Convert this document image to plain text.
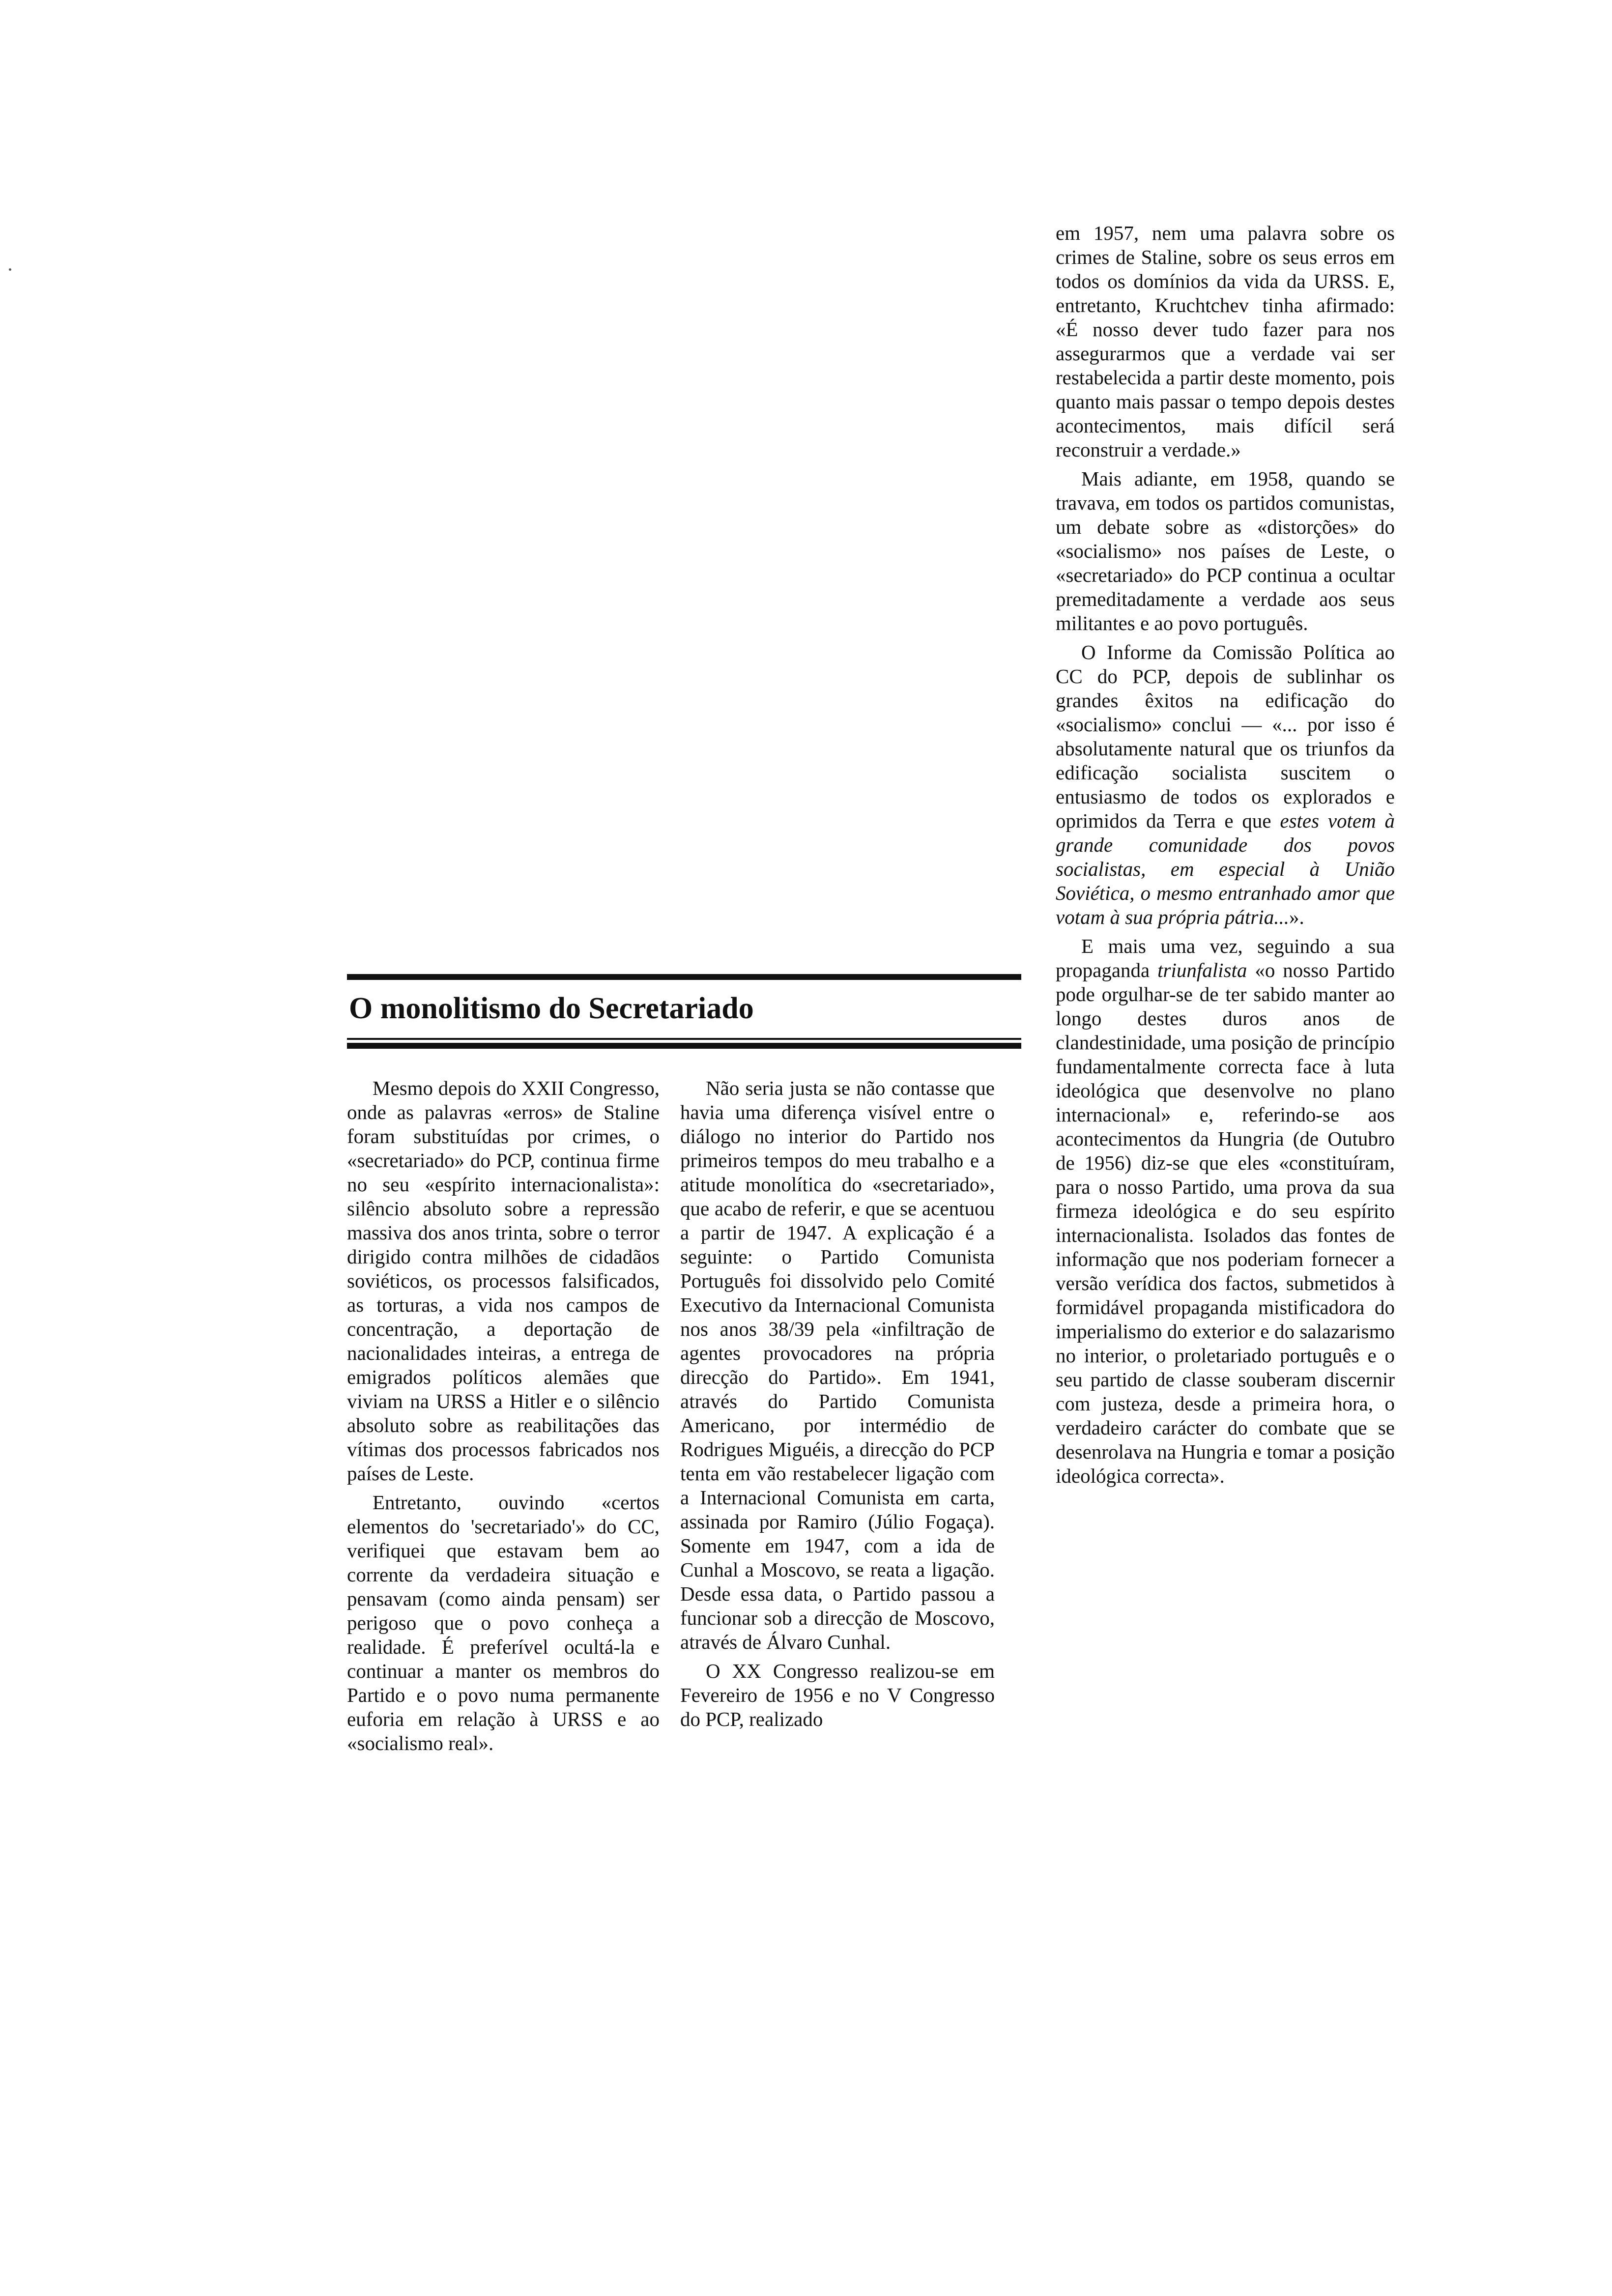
em 1957, nem uma palavra sobre os crimes de Staline, sobre os seus erros em todos os domínios da vida da URSS. E, entretanto, Kruchtchev tinha afirmado: «É nosso dever tudo fazer para nos assegurarmos que a verdade vai ser restabelecida a partir deste momento, pois quanto mais passar o tempo depois destes acontecimentos, mais difícil será reconstruir a verdade.»

Mais adiante, em 1958, quando se travava, em todos os partidos comunistas, um debate sobre as «distorções» do «socialismo» nos países de Leste, o «secretariado» do PCP continua a ocultar premeditadamente a verdade aos seus militantes e ao povo português.

O Informe da Comissão Política ao CC do PCP, depois de sublinhar os grandes êxitos na edificação do «socialismo» conclui — «... por isso é absolutamente natural que os triunfos da edificação socialista suscitem o entusiasmo de todos os explorados e oprimidos da Terra e que estes votem à grande comunidade dos povos socialistas, em especial à União Soviética, o mesmo entranhado amor que votam à sua própria pátria...».

E mais uma vez, seguindo a sua propaganda triunfalista «o nosso Partido pode orgulhar-se de ter sabido manter ao longo destes duros anos de clandestinidade, uma posição de princípio fundamentalmente correcta face à luta ideológica que desenvolve no plano internacional» e, referindo-se aos acontecimentos da Hungria (de Outubro de 1956) diz-se que eles «constituíram, para o nosso Partido, uma prova da sua firmeza ideológica e do seu espírito internacionalista. Isolados das fontes de informação que nos poderiam fornecer a versão verídica dos factos, submetidos à formidável propaganda mistificadora do imperialismo do exterior e do salazarismo no interior, o proletariado português e o seu partido de classe souberam discernir com justeza, desde a primeira hora, o verdadeiro carácter do combate que se desenrolava na Hungria e tomar a posição ideológica correcta».

O monolitismo do Secretariado

Mesmo depois do XXII Congresso, onde as palavras «erros» de Staline foram substituídas por crimes, o «secretariado» do PCP, continua firme no seu «espírito internacionalista»: silêncio absoluto sobre a repressão massiva dos anos trinta, sobre o terror dirigido contra milhões de cidadãos soviéticos, os processos falsificados, as torturas, a vida nos campos de concentração, a deportação de nacionalidades inteiras, a entrega de emigrados políticos alemães que viviam na URSS a Hitler e o silêncio absoluto sobre as reabilitações das vítimas dos processos fabricados nos países de Leste.

Entretanto, ouvindo «certos elementos do 'secretariado'» do CC, verifiquei que estavam bem ao corrente da verdadeira situação e pensavam (como ainda pensam) ser perigoso que o povo conheça a realidade. É preferível ocultá-la e continuar a manter os membros do Partido e o povo numa permanente euforia em relação à URSS e ao «socialismo real».

Não seria justa se não contasse que havia uma diferença visível entre o diálogo no interior do Partido nos primeiros tempos do meu trabalho e a atitude monolítica do «secretariado», que acabo de referir, e que se acentuou a partir de 1947. A explicação é a seguinte: o Partido Comunista Português foi dissolvido pelo Comité Executivo da Internacional Comunista nos anos 38/39 pela «infiltração de agentes provocadores na própria direcção do Partido». Em 1941, através do Partido Comunista Americano, por intermédio de Rodrigues Miguéis, a direcção do PCP tenta em vão restabelecer ligação com a Internacional Comunista em carta, assinada por Ramiro (Júlio Fogaça). Somente em 1947, com a ida de Cunhal a Moscovo, se reata a ligação. Desde essa data, o Partido passou a funcionar sob a direcção de Moscovo, através de Álvaro Cunhal.

O XX Congresso realizou-se em Fevereiro de 1956 e no V Congresso do PCP, realizado
